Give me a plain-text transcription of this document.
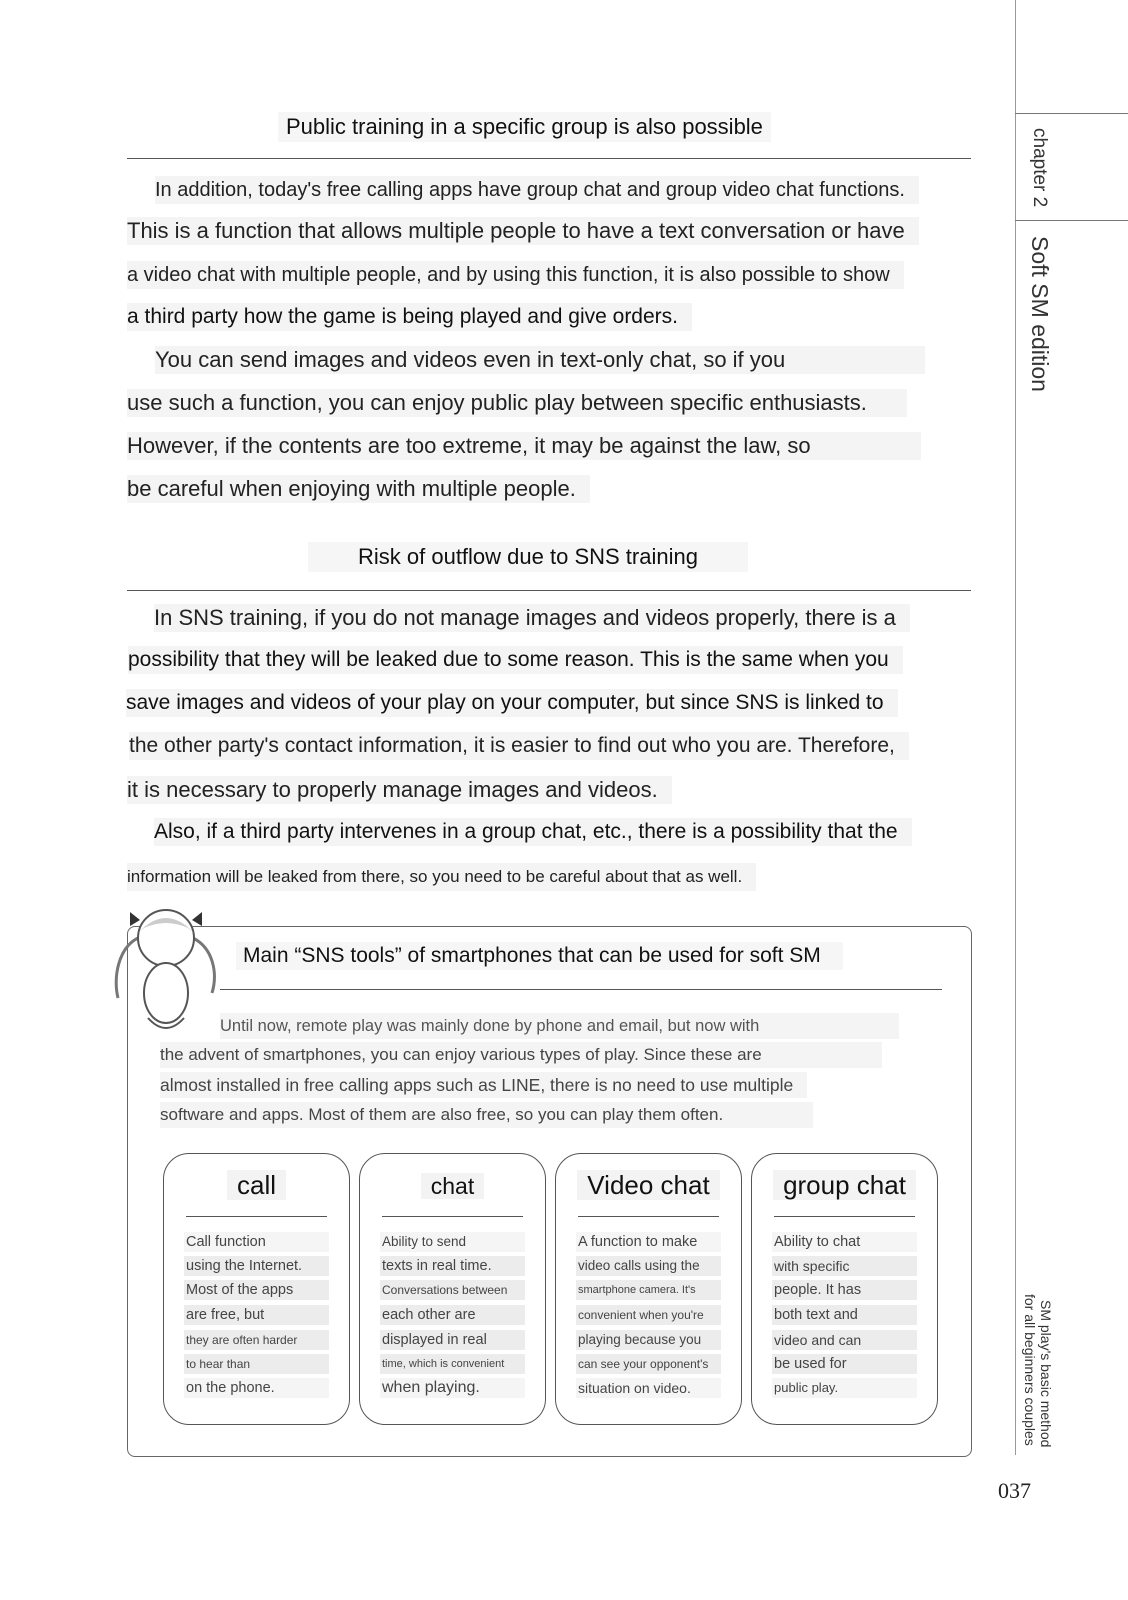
chapter 2
Soft SM edition
SM play's basic method
for all beginners couples
037
Public training in a specific group is also possible
In addition, today's free calling apps have group chat and group video chat functions.
This is a function that allows multiple people to have a text conversation or have
a video chat with multiple people, and by using this function, it is also possible to show
a third party how the game is being played and give orders.
You can send images and videos even in text-only chat, so if you
use such a function, you can enjoy public play between specific enthusiasts.
However, if the contents are too extreme, it may be against the law, so
be careful when enjoying with multiple people.
Risk of outflow due to SNS training
In SNS training, if you do not manage images and videos properly, there is a
possibility that they will be leaked due to some reason. This is the same when you
save images and videos of your play on your computer, but since SNS is linked to
the other party's contact information, it is easier to find out who you are. Therefore,
it is necessary to properly manage images and videos.
Also, if a third party intervenes in a group chat, etc., there is a possibility that the
information will be leaked from there, so you need to be careful about that as well.
Main “SNS tools” of smartphones that can be used for soft SM
Until now, remote play was mainly done by phone and email, but now with
the advent of smartphones, you can enjoy various types of play. Since these are
almost installed in free calling apps such as LINE, there is no need to use multiple
software and apps. Most of them are also free, so you can play them often.
call
Call function
using the Internet.
Most of the apps
are free, but
they are often harder
to hear than
on the phone.
chat
Ability to send
texts in real time.
Conversations between
each other are
displayed in real
time, which is convenient
when playing.
Video chat
A function to make
video calls using the
smartphone camera. It's
convenient when you're
playing because you
can see your opponent's
situation on video.
group chat
Ability to chat
with specific
people. It has
both text and
video and can
be used for
public play.
